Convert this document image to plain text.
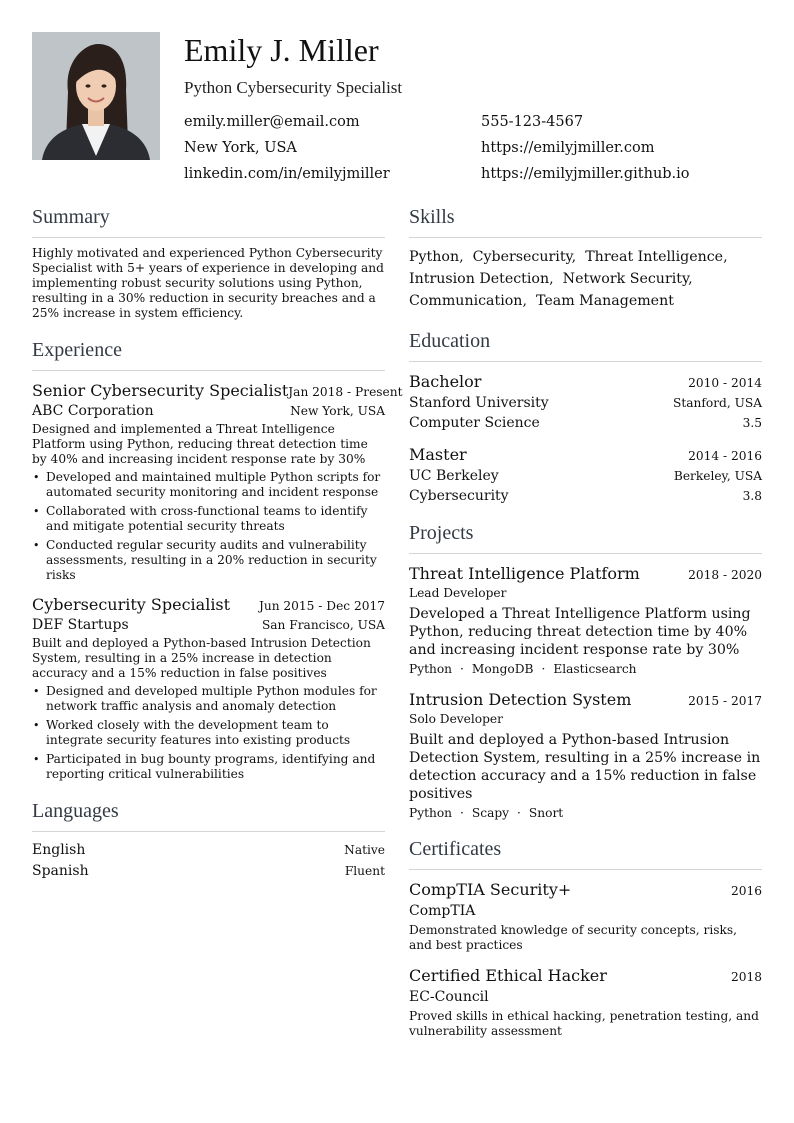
Emily J. Miller
Python Cybersecurity Specialist
emily.miller@email.com	555-123-4567
New York, USA	https://emilyjmiller.com
linkedin.com/in/emilyjmiller	https://emilyjmiller.github.io
Summary

Highly motivated and experienced Python Cybersecurity Specialist with 5+ years of experience in developing and implementing robust security solutions using Python, resulting in a 30% reduction in security breaches and a 25% increase in system efficiency.

Experience
Senior Cybersecurity Specialist Jan 2018 - Present
ABC Corporation	New York, USA

Designed and implemented a Threat Intelligence Platform using Python, reducing threat detection time by 40% and increasing incident response rate by 30%

• Developed and maintained multiple Python scripts for automated security monitoring and incident response
• Collaborated with cross-functional teams to identify and mitigate potential security threats
• Conducted regular security audits and vulnerability assessments, resulting in a 20% reduction in security risks
Cybersecurity Specialist Jun 2015 - Dec 2017
DEF Startups	San Francisco, USA

Built and deployed a Python-based Intrusion Detection System, resulting in a 25% increase in detection accuracy and a 15% reduction in false positives

• Designed and developed multiple Python modules for network traffic analysis and anomaly detection
• Worked closely with the development team to integrate security features into existing products
• Participated in bug bounty programs, identifying and reporting critical vulnerabilities
Languages
English	Native
Spanish	Fluent
Skills
Python, Cybersecurity, Threat Intelligence,
Intrusion Detection, Network Security,
Communication, Team Management
Education
Bachelor	2010 - 2014
Stanford University	Stanford, USA
Computer Science	3.5
Master	2014 - 2016
UC Berkeley	Berkeley, USA
Cybersecurity	3.8
Projects
Threat Intelligence Platform	2018 - 2020
Lead Developer

Developed a Threat Intelligence Platform using Python, reducing threat detection time by 40% and increasing incident response rate by 30%

Python · MongoDB · Elasticsearch
Intrusion Detection System	2015 - 2017
Solo Developer

Built and deployed a Python-based Intrusion Detection System, resulting in a 25% increase in detection accuracy and a 15% reduction in false positives

Python · Scapy · Snort
Certificates
CompTIA Security+	2016
CompTIA

Demonstrated knowledge of security concepts, risks, and best practices

Certified Ethical Hacker	2018
EC-Council

Proved skills in ethical hacking, penetration testing, and vulnerability assessment
